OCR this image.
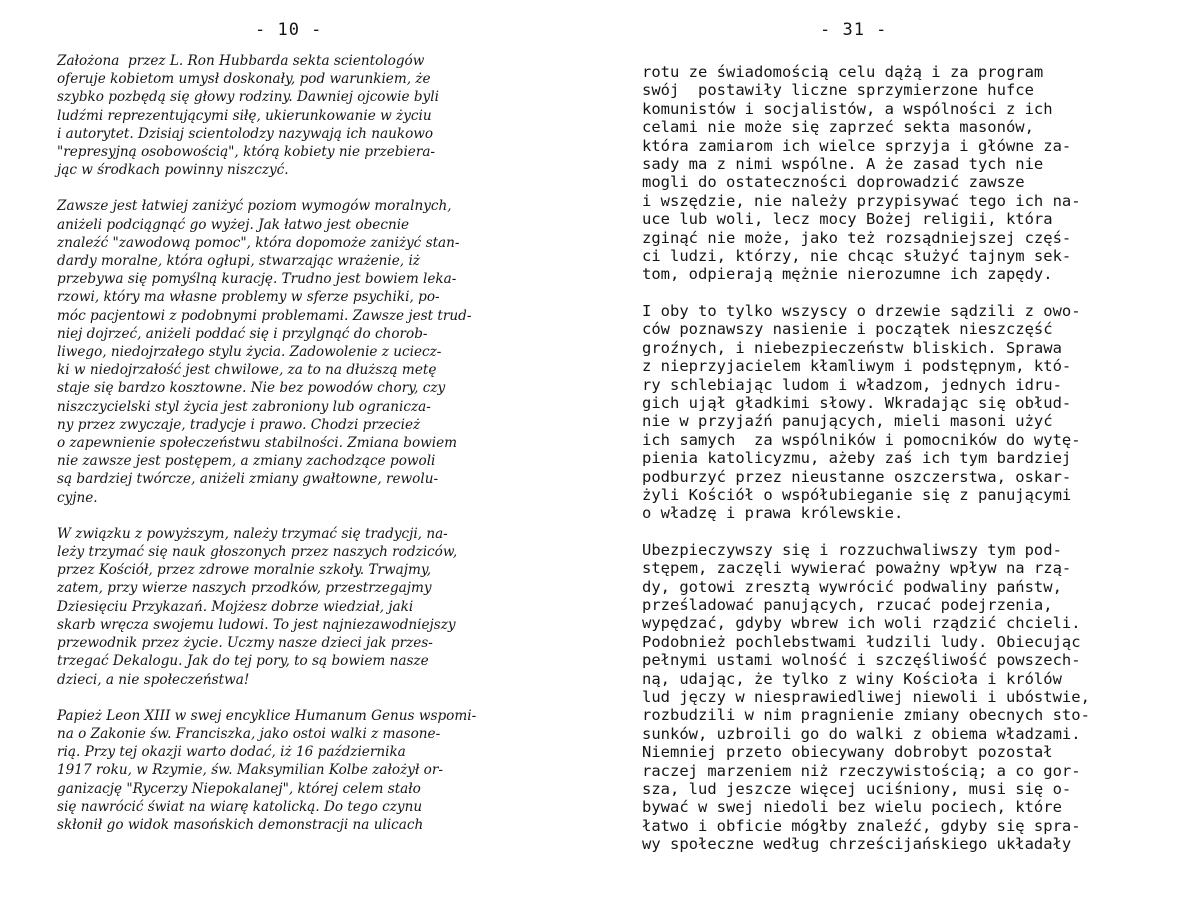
- 10 -
Założona  przez L. Ron Hubbarda sekta scientologów
oferuje kobietom umysł doskonały, pod warunkiem, że
szybko pozbędą się głowy rodziny. Dawniej ojcowie byli
ludźmi reprezentującymi siłę, ukierunkowanie w życiu
i autorytet. Dzisiaj scientolodzy nazywają ich naukowo
"represyjną osobowością", którą kobiety nie przebiera-
jąc w środkach powinny niszczyć.
Zawsze jest łatwiej zaniżyć poziom wymogów moralnych,
aniżeli podciągnąć go wyżej. Jak łatwo jest obecnie
znaleźć "zawodową pomoc", która dopomoże zaniżyć stan-
dardy moralne, która ogłupi, stwarzając wrażenie, iż
przebywa się pomyślną kurację. Trudno jest bowiem leka-
rzowi, który ma własne problemy w sferze psychiki, po-
móc pacjentowi z podobnymi problemami. Zawsze jest trud-
niej dojrzeć, aniżeli poddać się i przylgnąć do chorob-
liwego, niedojrzałego stylu życia. Zadowolenie z uciecz-
ki w niedojrzałość jest chwilowe, za to na dłuższą metę
staje się bardzo kosztowne. Nie bez powodów chory, czy
niszczycielski styl życia jest zabroniony lub ogranicza-
ny przez zwyczaje, tradycje i prawo. Chodzi przecież
o zapewnienie społeczeństwu stabilności. Zmiana bowiem
nie zawsze jest postępem, a zmiany zachodzące powoli
są bardziej twórcze, aniżeli zmiany gwałtowne, rewolu-
cyjne.
W związku z powyższym, należy trzymać się tradycji, na-
leży trzymać się nauk głoszonych przez naszych rodziców,
przez Kościół, przez zdrowe moralnie szkoły. Trwajmy,
zatem, przy wierze naszych przodków, przestrzegajmy
Dziesięciu Przykazań. Mojżesz dobrze wiedział, jaki
skarb wręcza swojemu ludowi. To jest najniezawodniejszy
przewodnik przez życie. Uczmy nasze dzieci jak przes-
trzegać Dekalogu. Jak do tej pory, to są bowiem nasze
dzieci, a nie społeczeństwa!
Papież Leon XIII w swej encyklice Humanum Genus wspomi-
na o Zakonie św. Franciszka, jako ostoi walki z masone-
rią. Przy tej okazji warto dodać, iż 16 października
1917 roku, w Rzymie, św. Maksymilian Kolbe założył or-
ganizację "Rycerzy Niepokalanej", której celem stało
się nawrócić świat na wiarę katolicką. Do tego czynu
skłonił go widok masońskich demonstracji na ulicach
- 31 -
rotu ze świadomością celu dążą i za program
swój  postawiły liczne sprzymierzone hufce
komunistów i socjalistów, a wspólności z ich
celami nie może się zaprzeć sekta masonów,
która zamiarom ich wielce sprzyja i główne za-
sady ma z nimi wspólne. A że zasad tych nie
mogli do ostateczności doprowadzić zawsze
i wszędzie, nie należy przypisywać tego ich na-
uce lub woli, lecz mocy Bożej religii, która
zginąć nie może, jako też rozsądniejszej częś-
ci ludzi, którzy, nie chcąc służyć tajnym sek-
tom, odpierają mężnie nierozumne ich zapędy.
I oby to tylko wszyscy o drzewie sądzili z owo-
ców poznawszy nasienie i początek nieszczęść
groźnych, i niebezpieczeństw bliskich. Sprawa
z nieprzyjacielem kłamliwym i podstępnym, któ-
ry schlebiając ludom i władzom, jednych idru-
gich ujął gładkimi słowy. Wkradając się obłud-
nie w przyjaźń panujących, mieli masoni użyć
ich samych  za wspólników i pomocników do wytę-
pienia katolicyzmu, ażeby zaś ich tym bardziej
podburzyć przez nieustanne oszczerstwa, oskar-
żyli Kościół o współubieganie się z panującymi
o władzę i prawa królewskie.
Ubezpieczywszy się i rozzuchwaliwszy tym pod-
stępem, zaczęli wywierać poważny wpływ na rzą-
dy, gotowi zresztą wywrócić podwaliny państw,
prześladować panujących, rzucać podejrzenia,
wypędzać, gdyby wbrew ich woli rządzić chcieli.
Podobnież pochlebstwami łudzili ludy. Obiecując
pełnymi ustami wolność i szczęśliwość powszech-
ną, udając, że tylko z winy Kościoła i królów
lud jęczy w niesprawiedliwej niewoli i ubóstwie,
rozbudzili w nim pragnienie zmiany obecnych sto-
sunków, uzbroili go do walki z obiema władzami.
Niemniej przeto obiecywany dobrobyt pozostał
raczej marzeniem niż rzeczywistością; a co gor-
sza, lud jeszcze więcej uciśniony, musi się o-
bywać w swej niedoli bez wielu pociech, które
łatwo i obficie mógłby znaleźć, gdyby się spra-
wy społeczne według chrześcijańskiego układały
